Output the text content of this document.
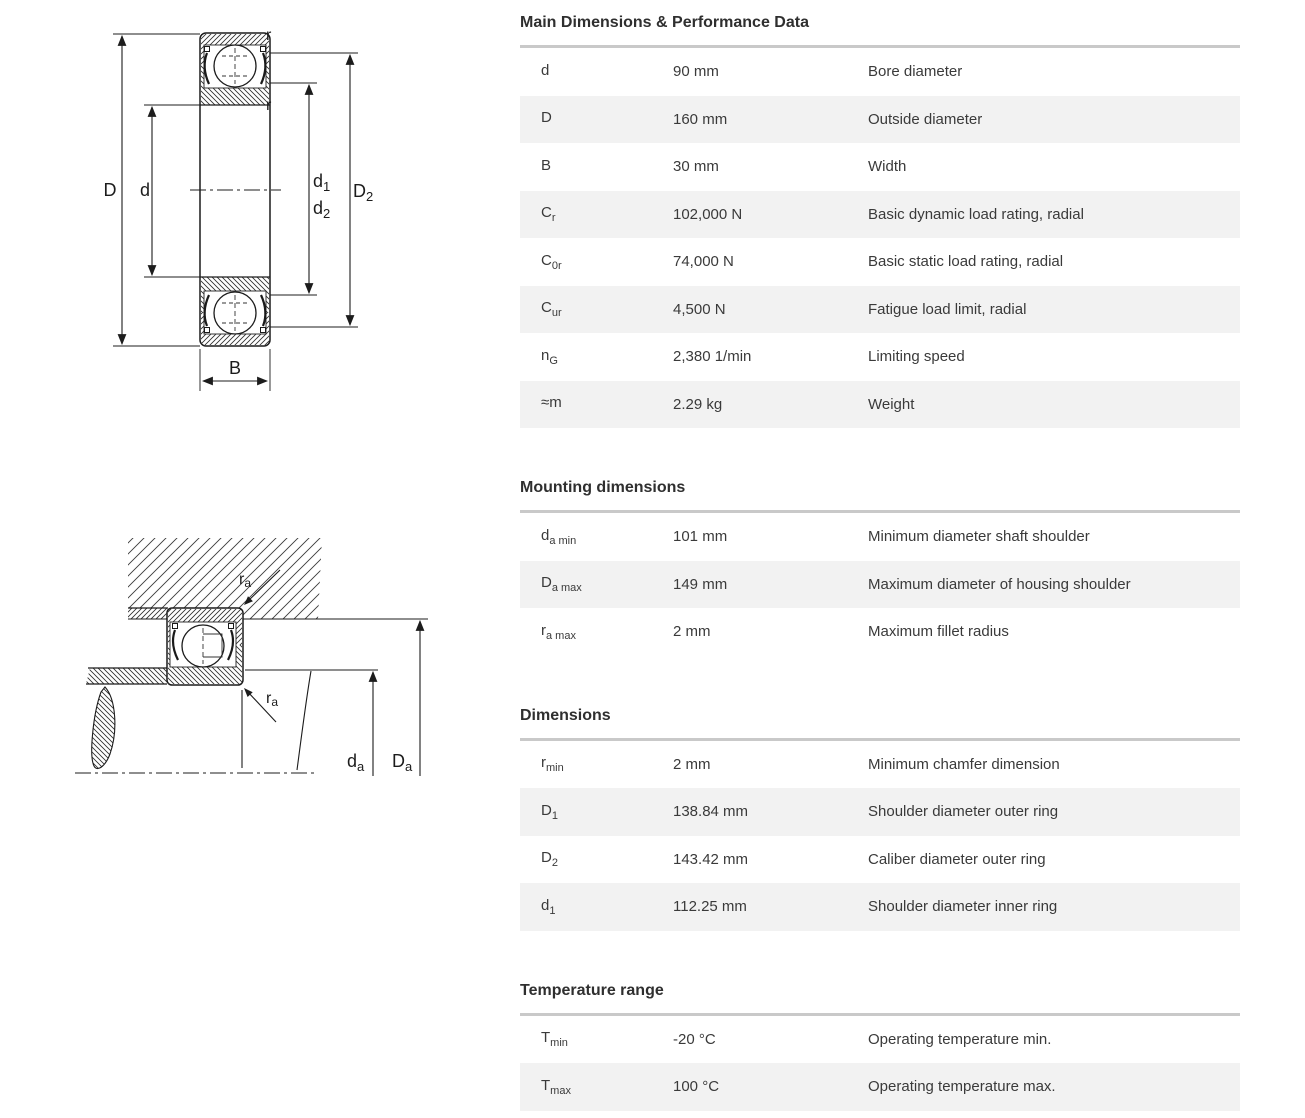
D d
r
r
$d_1$
$d_2$
$D_2$
B
ra
ra
$d_a$ $D_a$
Main Dimensions & Performance Data
d	90 mm	Bore diameter
D	160 mm	Outside diameter
B	30 mm	Width
$C_r$	102,000 N	Basic dynamic load rating, radial
$C_{0r}$	74,000 N	Basic static load rating, radial
$C_{ur}$	4,500 N	Fatigue load limit, radial
$n_G$	2,380 1/min	Limiting speed
≈m	2.29 kg	Weight
Mounting dimensions
$d_{a min}$	101 mm	Minimum diameter shaft shoulder
$D_{a max}$	149 mm	Maximum diameter of housing shoulder
$r_{a max}$	2 mm	Maximum fillet radius
Dimensions
$r_{min}$	2 mm	Minimum chamfer dimension
$D_1$	138.84 mm	Shoulder diameter outer ring
$D_2$	143.42 mm	Caliber diameter outer ring
$d_1$	112.25 mm	Shoulder diameter inner ring
Temperature range
$T_{min}$	-20 °C	Operating temperature min.
$T_{max}$	100 °C	Operating temperature max.
